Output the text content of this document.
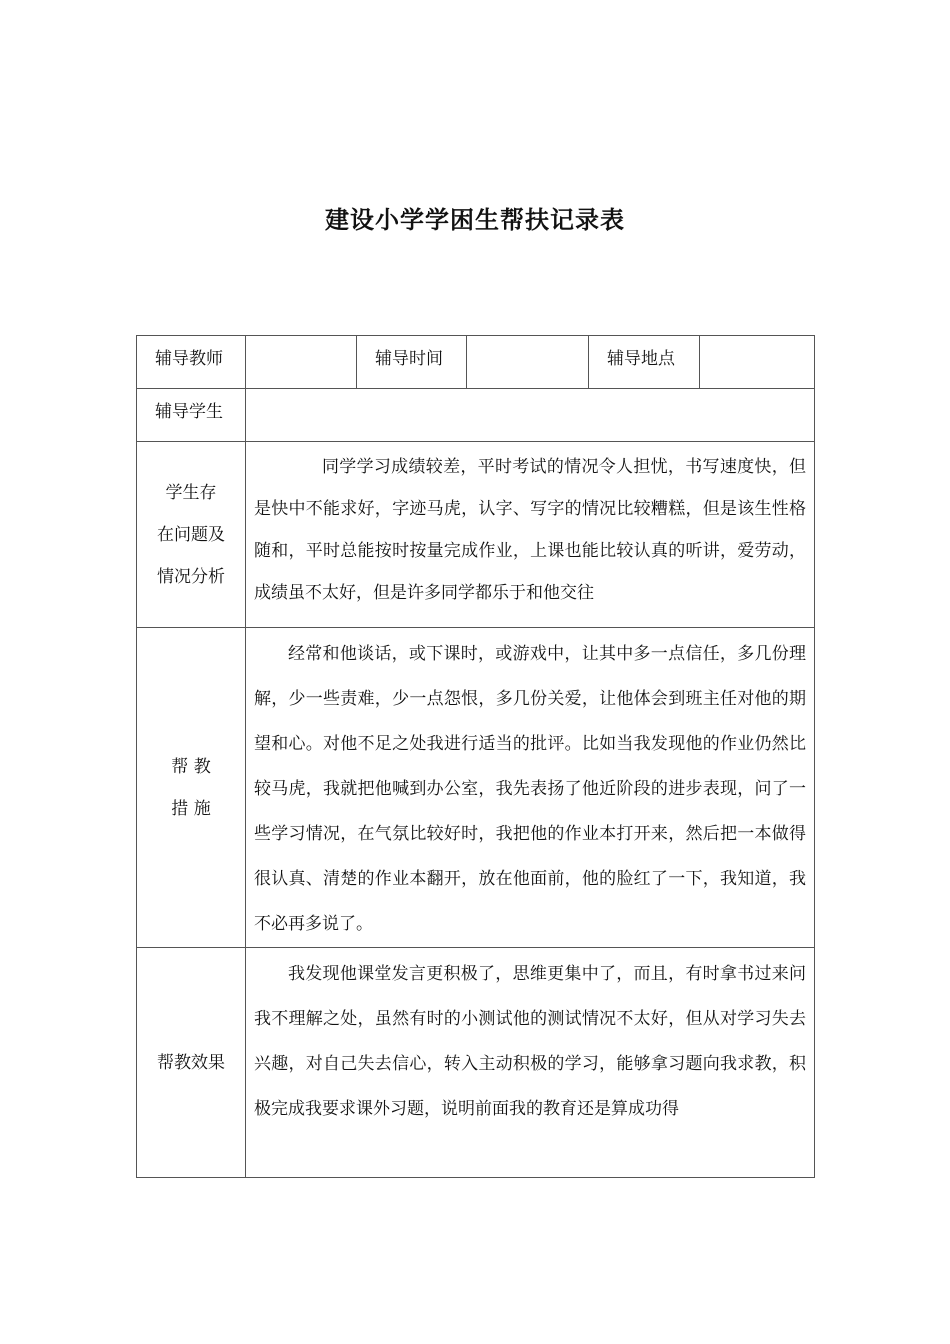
建设小学学困生帮扶记录表
辅导教师		辅导时间		辅导地点	
辅导学生					

学生存
在问题及
情况分析	同学学习成绩较差，平时考试的情况令人担忧，书写速度快，但是快中不能求好，字迹马虎，认字、写字的情况比较糟糕，但是该生性格随和，平时总能按时按量完成作业，上课也能比较认真的听讲，爱劳动，成绩虽不太好，但是许多同学都乐于和他交往				

帮 教
措 施	经常和他谈话，或下课时，或游戏中，让其中多一点信任，多几份理解，少一些责难，少一点怨恨，多几份关爱，让他体会到班主任对他的期望和心。对他不足之处我进行适当的批评。比如当我发现他的作业仍然比较马虎，我就把他喊到办公室，我先表扬了他近阶段的进步表现，问了一些学习情况，在气氛比较好时，我把他的作业本打开来，然后把一本做得很认真、清楚的作业本翻开，放在他面前，他的脸红了一下，我知道，我不必再多说了。				
帮教效果	我发现他课堂发言更积极了，思维更集中了，而且，有时拿书过来问我不理解之处，虽然有时的小测试他的测试情况不太好，但从对学习失去兴趣，对自己失去信心，转入主动积极的学习，能够拿习题向我求教，积极完成我要求课外习题，说明前面我的教育还是算成功得				
